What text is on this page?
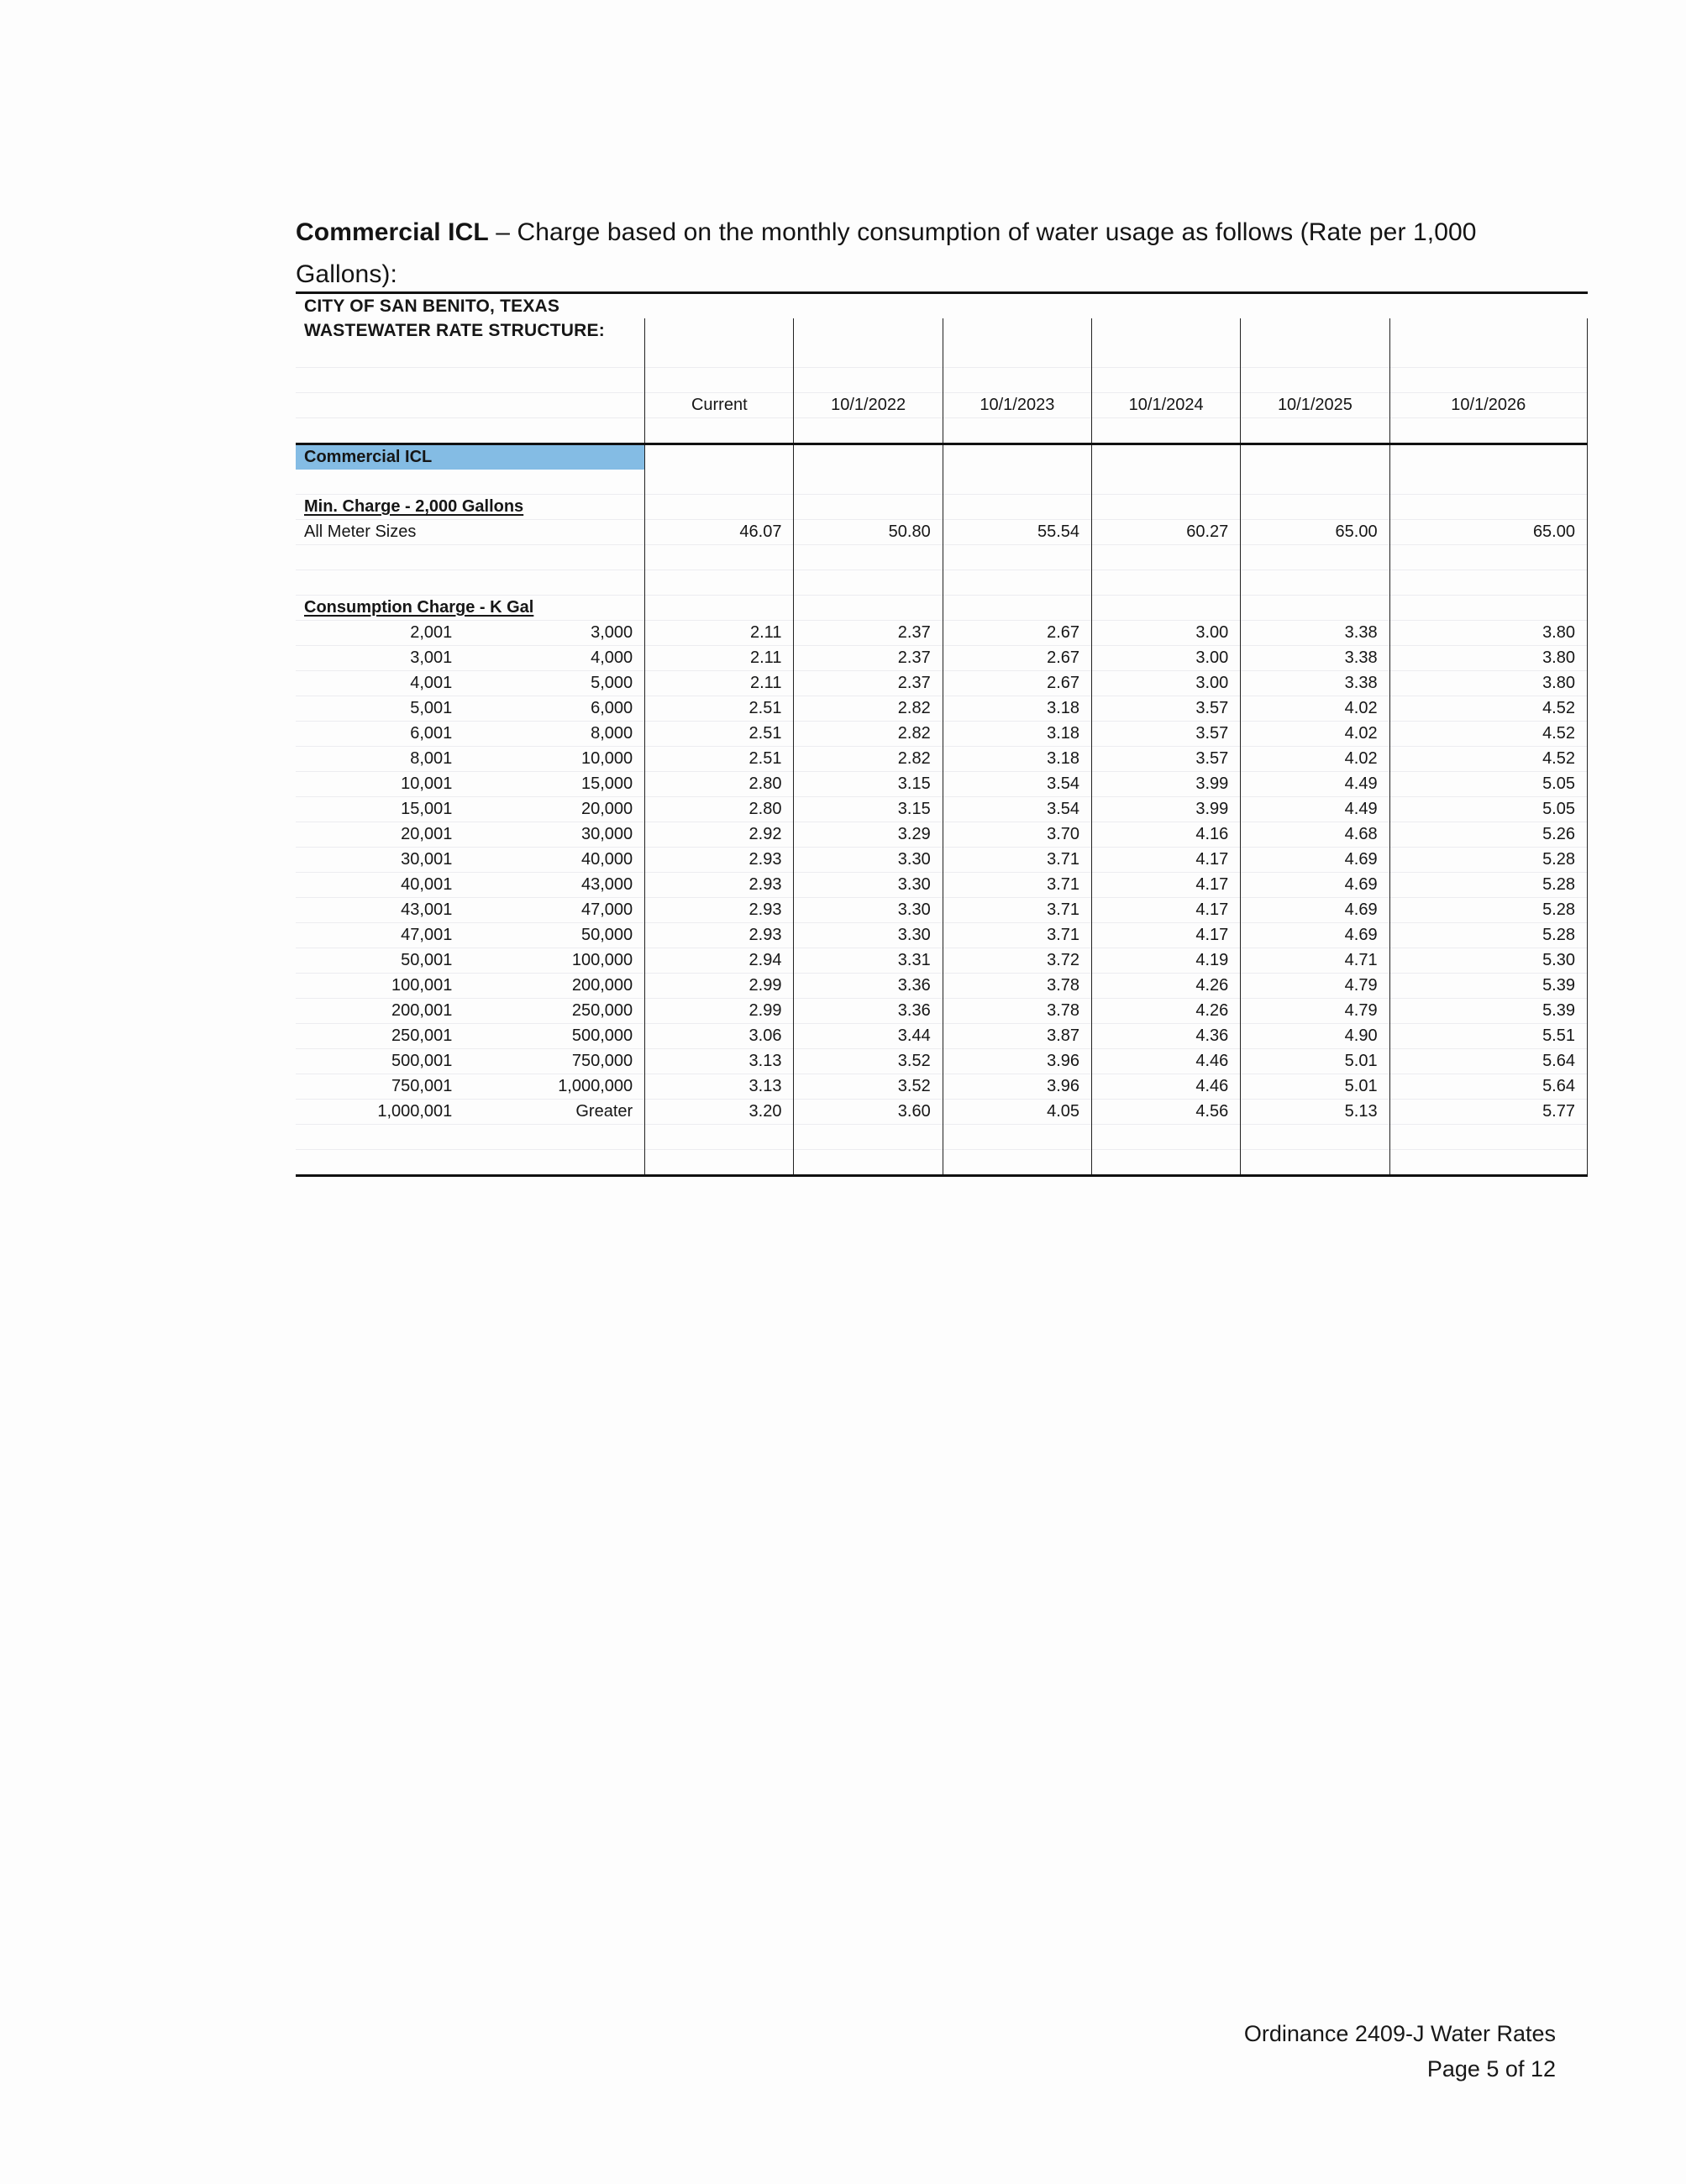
Commercial ICL – Charge based on the monthly consumption of water usage as follows (Rate per 1,000 Gallons):

CITY OF SAN BENITO, TEXAS							
WASTEWATER RATE STRUCTURE:							

		Current	10/1/2022	10/1/2023	10/1/2024	10/1/2025	10/1/2026

Commercial ICL							

Min. Charge - 2,000 Gallons							
All Meter Sizes		46.07	50.80	55.54	60.27	65.00	65.00

Consumption Charge - K Gal							
2,001	3,000	2.11	2.37	2.67	3.00	3.38	3.80
3,001	4,000	2.11	2.37	2.67	3.00	3.38	3.80
4,001	5,000	2.11	2.37	2.67	3.00	3.38	3.80
5,001	6,000	2.51	2.82	3.18	3.57	4.02	4.52
6,001	8,000	2.51	2.82	3.18	3.57	4.02	4.52
8,001	10,000	2.51	2.82	3.18	3.57	4.02	4.52
10,001	15,000	2.80	3.15	3.54	3.99	4.49	5.05
15,001	20,000	2.80	3.15	3.54	3.99	4.49	5.05
20,001	30,000	2.92	3.29	3.70	4.16	4.68	5.26
30,001	40,000	2.93	3.30	3.71	4.17	4.69	5.28
40,001	43,000	2.93	3.30	3.71	4.17	4.69	5.28
43,001	47,000	2.93	3.30	3.71	4.17	4.69	5.28
47,001	50,000	2.93	3.30	3.71	4.17	4.69	5.28
50,001	100,000	2.94	3.31	3.72	4.19	4.71	5.30
100,001	200,000	2.99	3.36	3.78	4.26	4.79	5.39
200,001	250,000	2.99	3.36	3.78	4.26	4.79	5.39
250,001	500,000	3.06	3.44	3.87	4.36	4.90	5.51
500,001	750,000	3.13	3.52	3.96	4.46	5.01	5.64
750,001	1,000,000	3.13	3.52	3.96	4.46	5.01	5.64
1,000,001	Greater	3.20	3.60	4.05	4.56	5.13	5.77

Ordinance 2409-J Water Rates
Page 5 of 12
